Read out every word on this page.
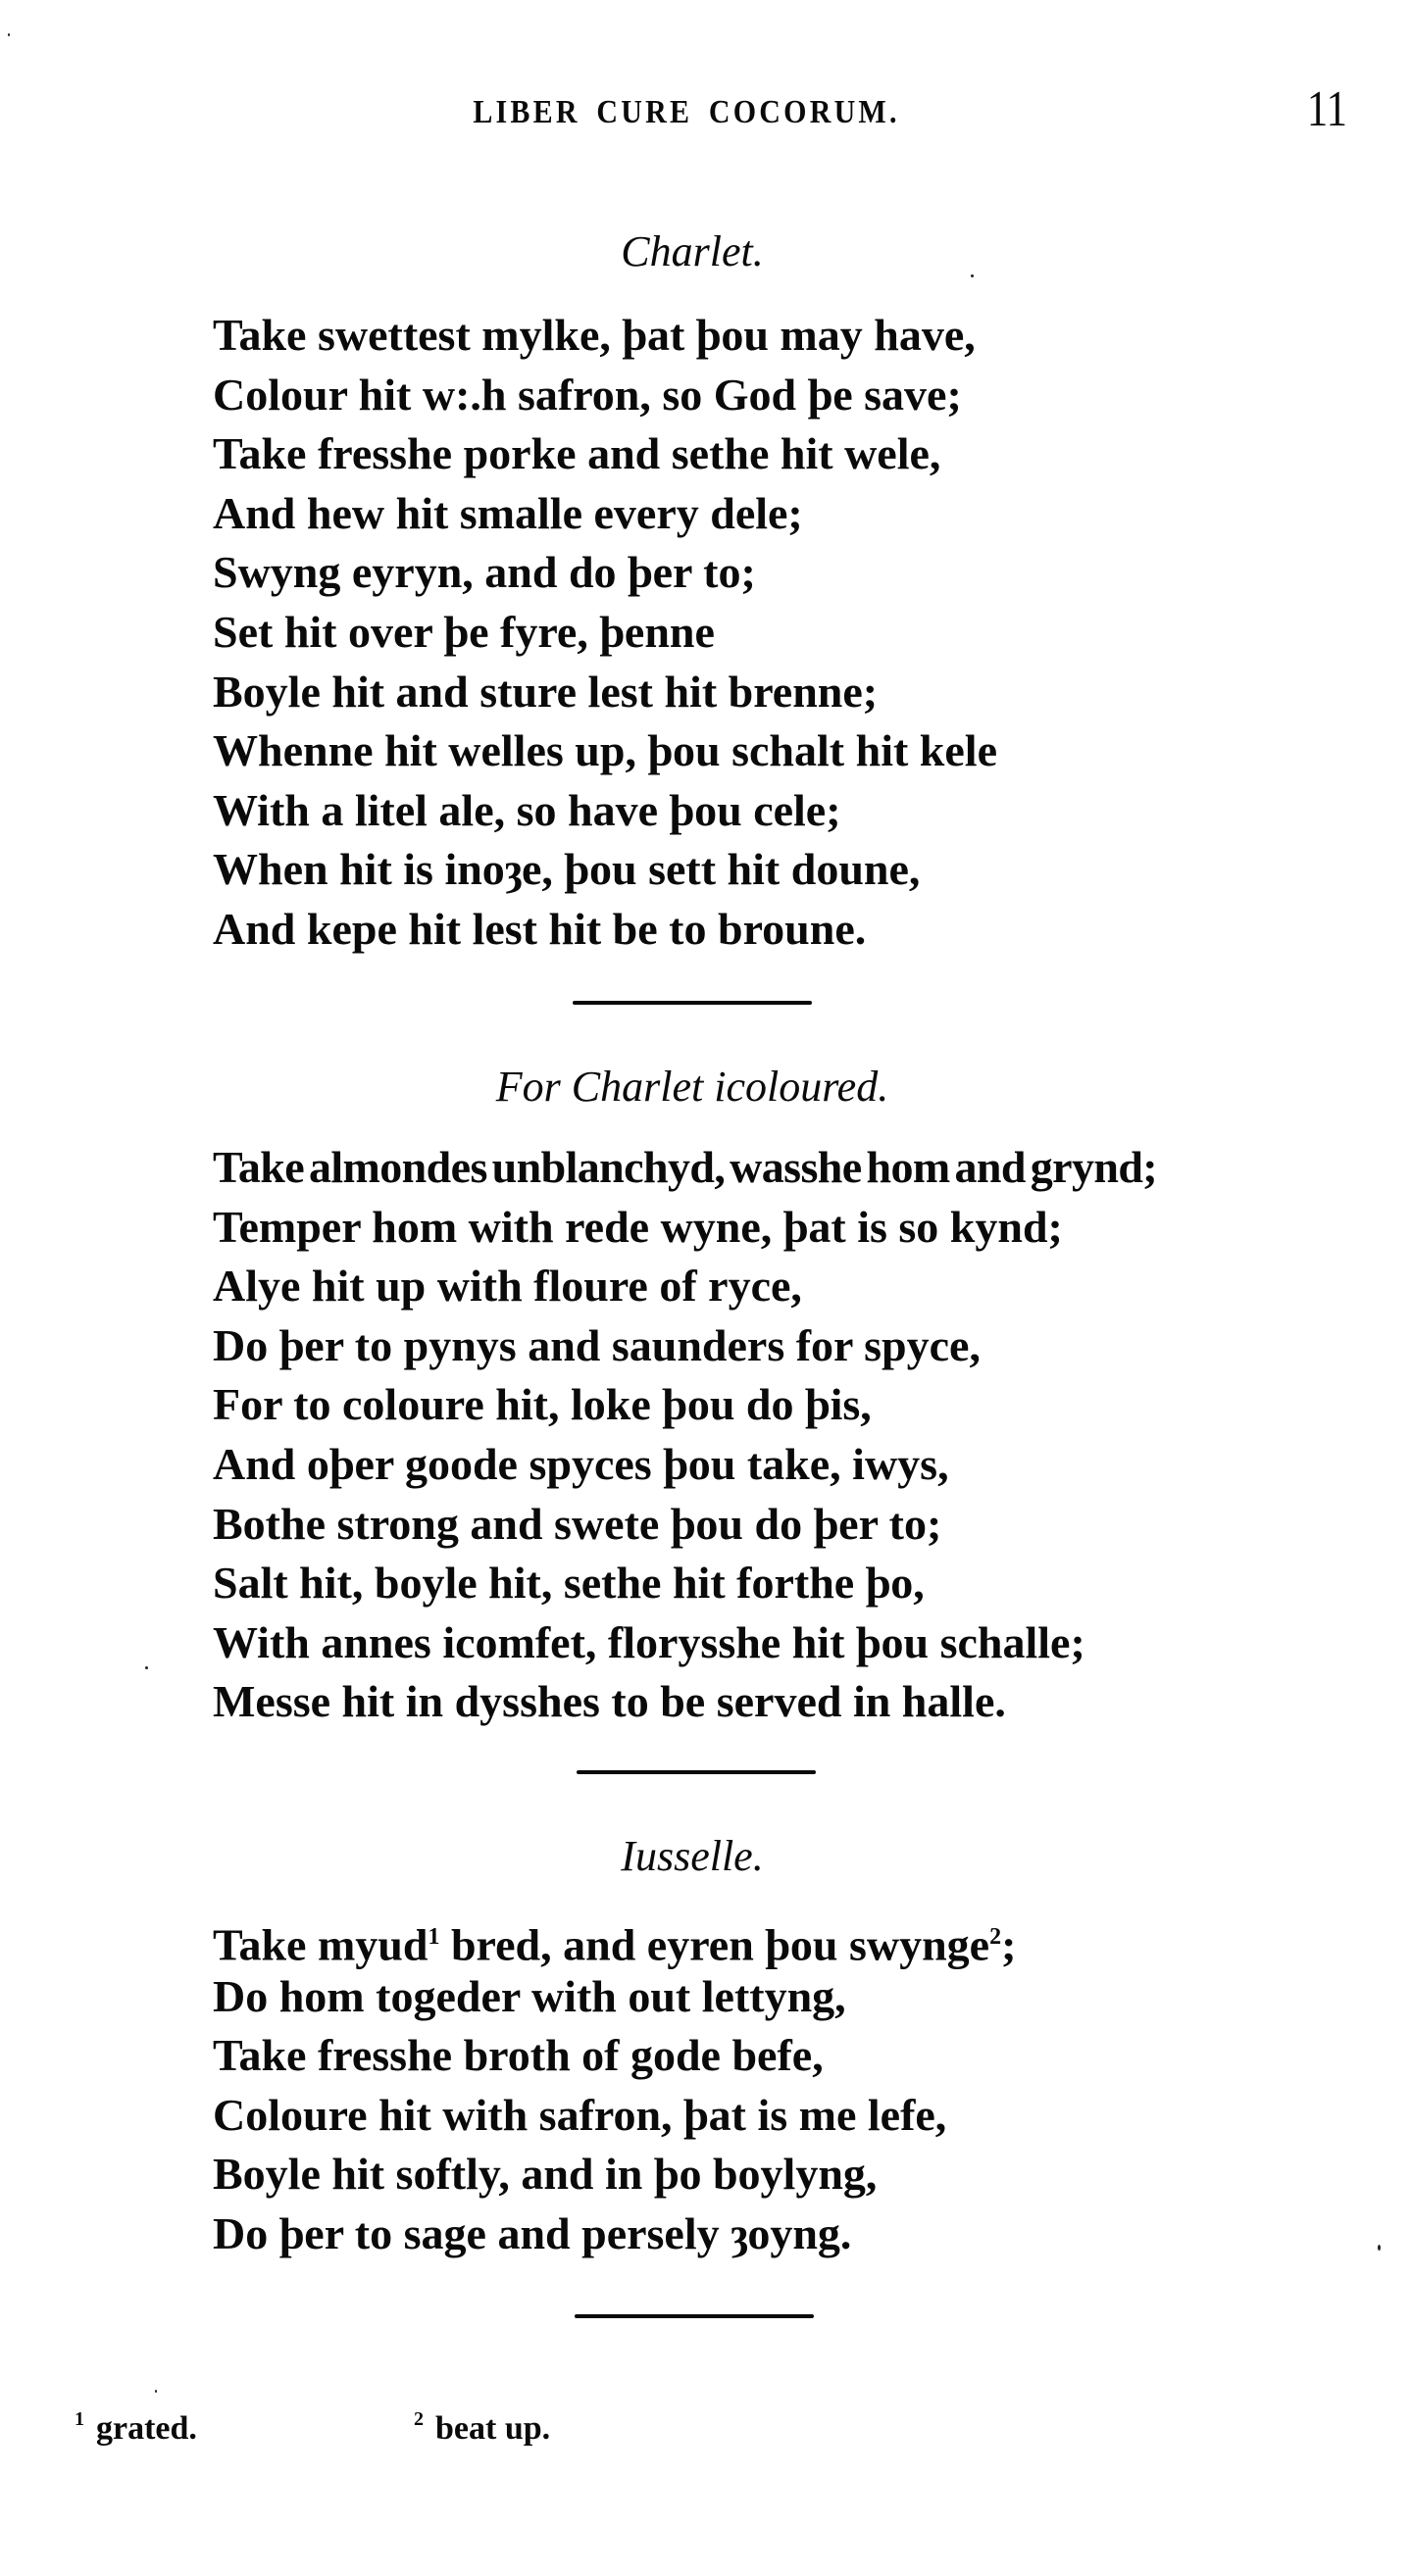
LIBER CURE COCORUM.	11
Charlet.
Take swettest mylke, þat þou may have,
Colour hit w:.h safron, so God þe save;
Take fresshe porke and sethe hit wele,
And hew hit smalle every dele;
Swyng eyryn, and do þer to;
Set hit over þe fyre, þenne
Boyle hit and sture lest hit brenne;
Whenne hit welles up, þou schalt hit kele
With a litel ale, so have þou cele;
When hit is inoȝe, þou sett hit doune,
And kepe hit lest hit be to broune.
For Charlet icoloured.
Take almondes unblanchyd, wasshe hom and grynd;
Temper hom with rede wyne, þat is so kynd;
Alye hit up with floure of ryce,
Do þer to pynys and saunders for spyce,
For to coloure hit, loke þou do þis,
And oþer goode spyces þou take, iwys,
Bothe strong and swete þou do þer to;
Salt hit, boyle hit, sethe hit forthe þo,
With annes icomfet, florysshe hit þou schalle;
Messe hit in dysshes to be served in halle.
Iusselle.
Take myud$^1$ bred, and eyren þou swynge$^2$;
Do hom togeder with out lettyng,
Take fresshe broth of gode befe,
Coloure hit with safron, þat is me lefe,
Boyle hit softly, and in þo boylyng,
Do þer to sage and persely ȝoyng.
$^1$ grated.	$^2$ beat up.
